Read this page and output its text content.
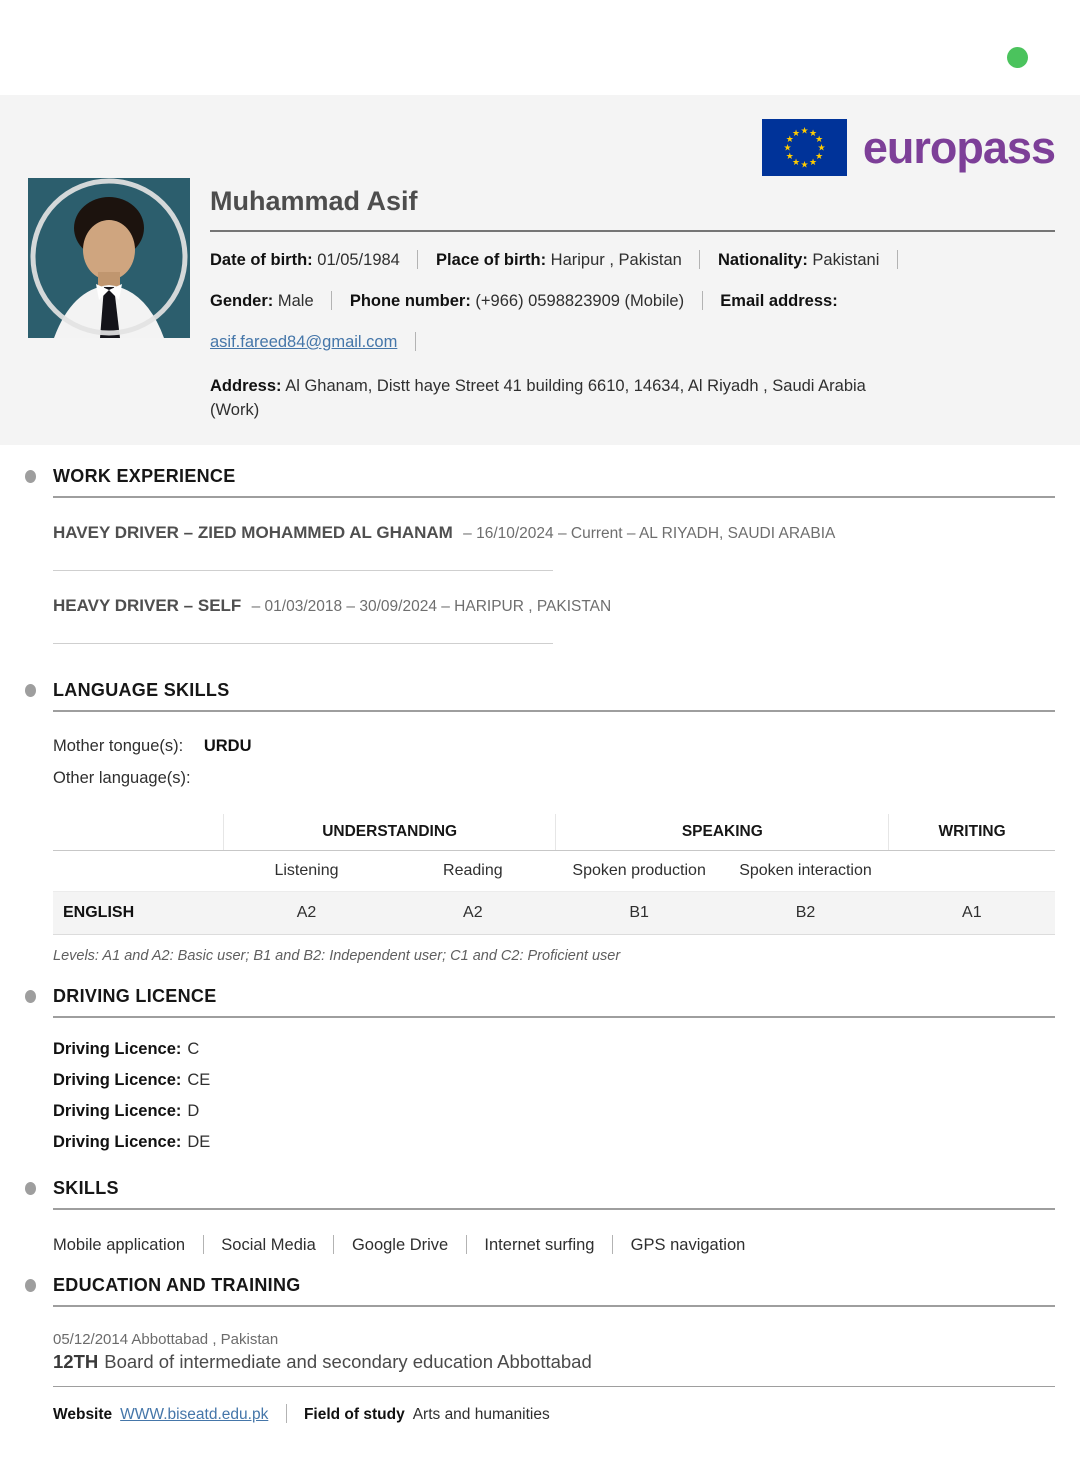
★ ★
★
★
★
★
★
★
★
★
★
★ europass
Muhammad Asif
Date of birth: 01/05/1984 Place of birth: Haripur , Pakistan Nationality: Pakistani
Gender: Male Phone number: (+966) 0598823909 (Mobile) Email address:
asif.fareed84@gmail.com
Address: Al Ghanam, Distt haye Street 41 building 6610, 14634, Al Riyadh , Saudi Arabia (Work)
WORK EXPERIENCE
HAVEY DRIVER – ZIED MOHAMMED AL GHANAM – 16/10/2024 – Current – AL RIYADH, SAUDI ARABIA
HEAVY DRIVER – SELF – 01/03/2018 – 30/09/2024 – HARIPUR , PAKISTAN
LANGUAGE SKILLS
Mother tongue(s): URDU
Other language(s):
	UNDERSTANDING		SPEAKING		WRITING
	Listening	Reading	Spoken production	Spoken interaction	
ENGLISH	A2	A2	B1	B2	A1
Levels: A1 and A2: Basic user; B1 and B2: Independent user; C1 and C2: Proficient user
DRIVING LICENCE
Driving Licence: C
Driving Licence: CE
Driving Licence: D
Driving Licence: DE
SKILLS
Mobile application Social Media Google Drive Internet surfing GPS navigation
EDUCATION AND TRAINING
05/12/2014 Abbottabad , Pakistan
12TH Board of intermediate and secondary education Abbottabad
Website WWW.biseatd.edu.pk Field of study Arts and humanities
